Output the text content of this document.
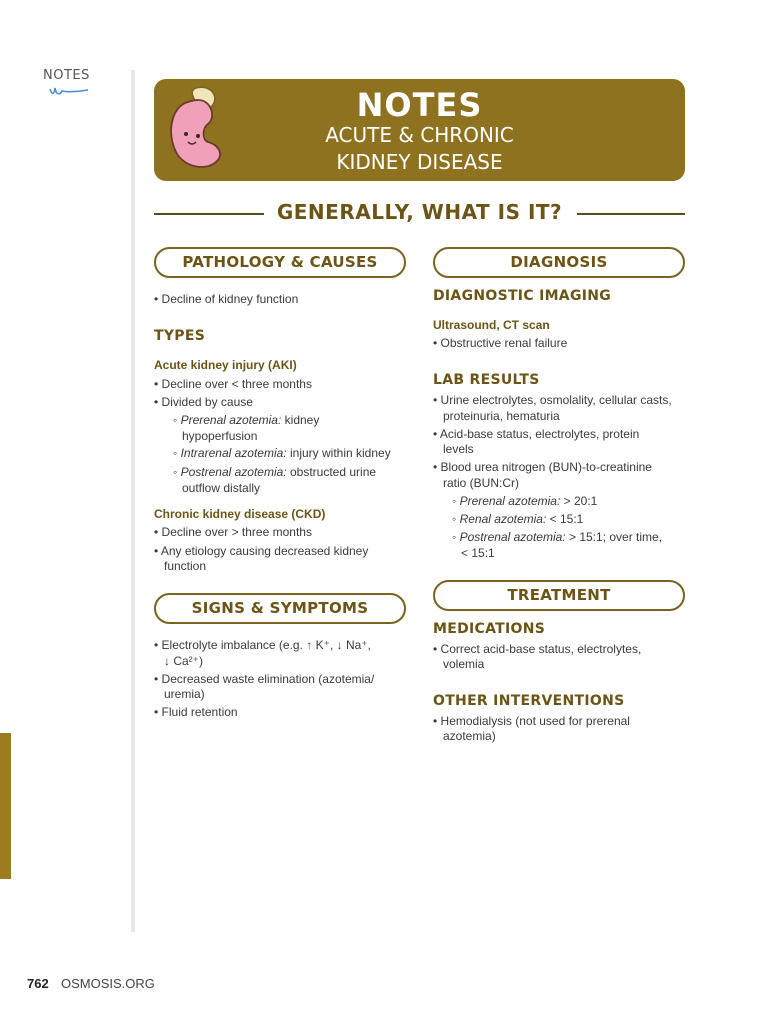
NOTES
NOTES
ACUTE & CHRONIC
KIDNEY DISEASE
GENERALLY, WHAT IS IT?
PATHOLOGY & CAUSES
• Decline of kidney function
TYPES
Acute kidney injury (AKI)
• Decline over < three months
• Divided by cause
◦ Prerenal azotemia: kidney
hypoperfusion
◦ Intrarenal azotemia: injury within kidney
◦ Postrenal azotemia: obstructed urine
outflow distally
Chronic kidney disease (CKD)
• Decline over > three months
• Any etiology causing decreased kidney
function
SIGNS & SYMPTOMS
• Electrolyte imbalance (e.g. ↑ K⁺, ↓ Na⁺,
↓ Ca²⁺)
• Decreased waste elimination (azotemia/
uremia)
• Fluid retention
DIAGNOSIS
DIAGNOSTIC IMAGING
Ultrasound, CT scan
• Obstructive renal failure
LAB RESULTS
• Urine electrolytes, osmolality, cellular casts,
proteinuria, hematuria
• Acid-base status, electrolytes, protein
levels
• Blood urea nitrogen (BUN)-to-creatinine
ratio (BUN:Cr)
◦ Prerenal azotemia: > 20:1
◦ Renal azotemia: < 15:1
◦ Postrenal azotemia: > 15:1; over time,
< 15:1
TREATMENT
MEDICATIONS
• Correct acid-base status, electrolytes,
volemia
OTHER INTERVENTIONS
• Hemodialysis (not used for prerenal
azotemia)
762 OSMOSIS.ORG
